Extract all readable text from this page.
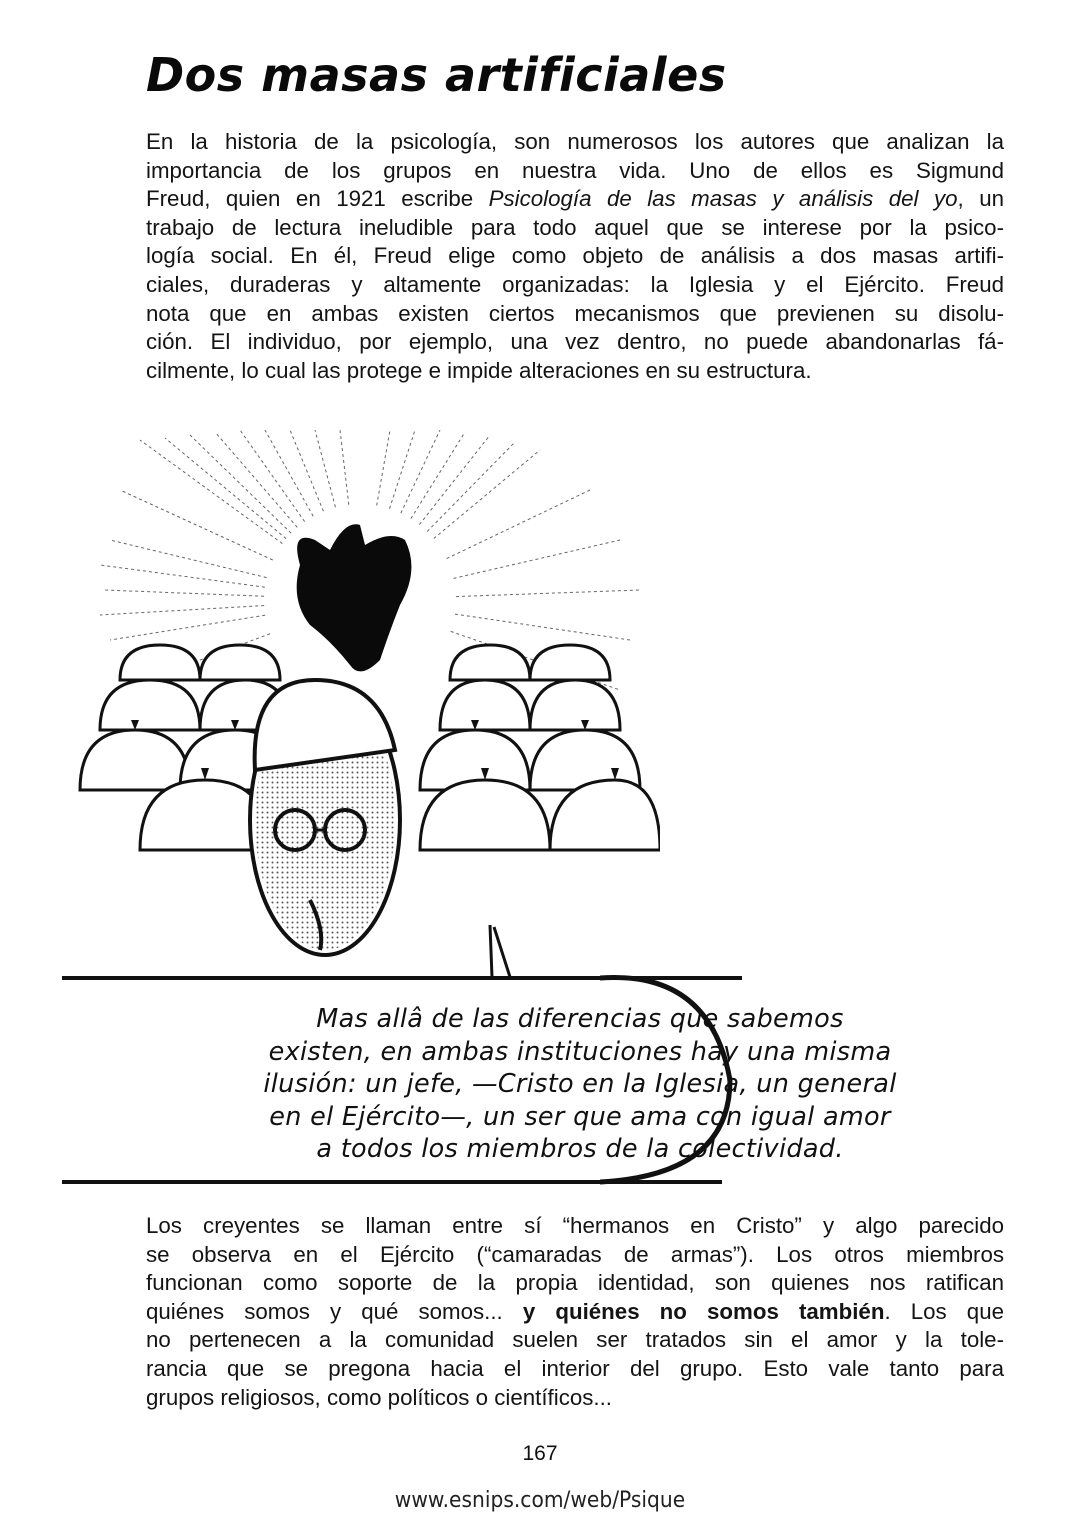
Dos masas artificiales

En la historia de la psicología, son numerosos los autores que analizan la
importancia de los grupos en nuestra vida. Uno de ellos es Sigmund
Freud, quien en 1921 escribe Psicología de las masas y análisis del yo, un
trabajo de lectura ineludible para todo aquel que se interese por la psico-
logía social. En él, Freud elige como objeto de análisis a dos masas artifi-
ciales, duraderas y altamente organizadas: la Iglesia y el Ejército. Freud
nota que en ambas existen ciertos mecanismos que previenen su disolu-
ción. El individuo, por ejemplo, una vez dentro, no puede abandonarlas fá-
cilmente, lo cual las protege e impide alteraciones en su estructura.

Mas allâ de las diferencias que sabemos
existen, en ambas instituciones hay una misma
ilusión: un jefe, —Cristo en la Iglesia, un general
en el Ejército—, un ser que ama con igual amor
a todos los miembros de la colectividad.

Los creyentes se llaman entre sí “hermanos en Cristo” y algo parecido
se observa en el Ejército (“camaradas de armas”). Los otros miembros
funcionan como soporte de la propia identidad, son quienes nos ratifican
quiénes somos y qué somos... y quiénes no somos también. Los que
no pertenecen a la comunidad suelen ser tratados sin el amor y la tole-
rancia que se pregona hacia el interior del grupo. Esto vale tanto para
grupos religiosos, como políticos o científicos...

167
www.esnips.com/web/Psique
